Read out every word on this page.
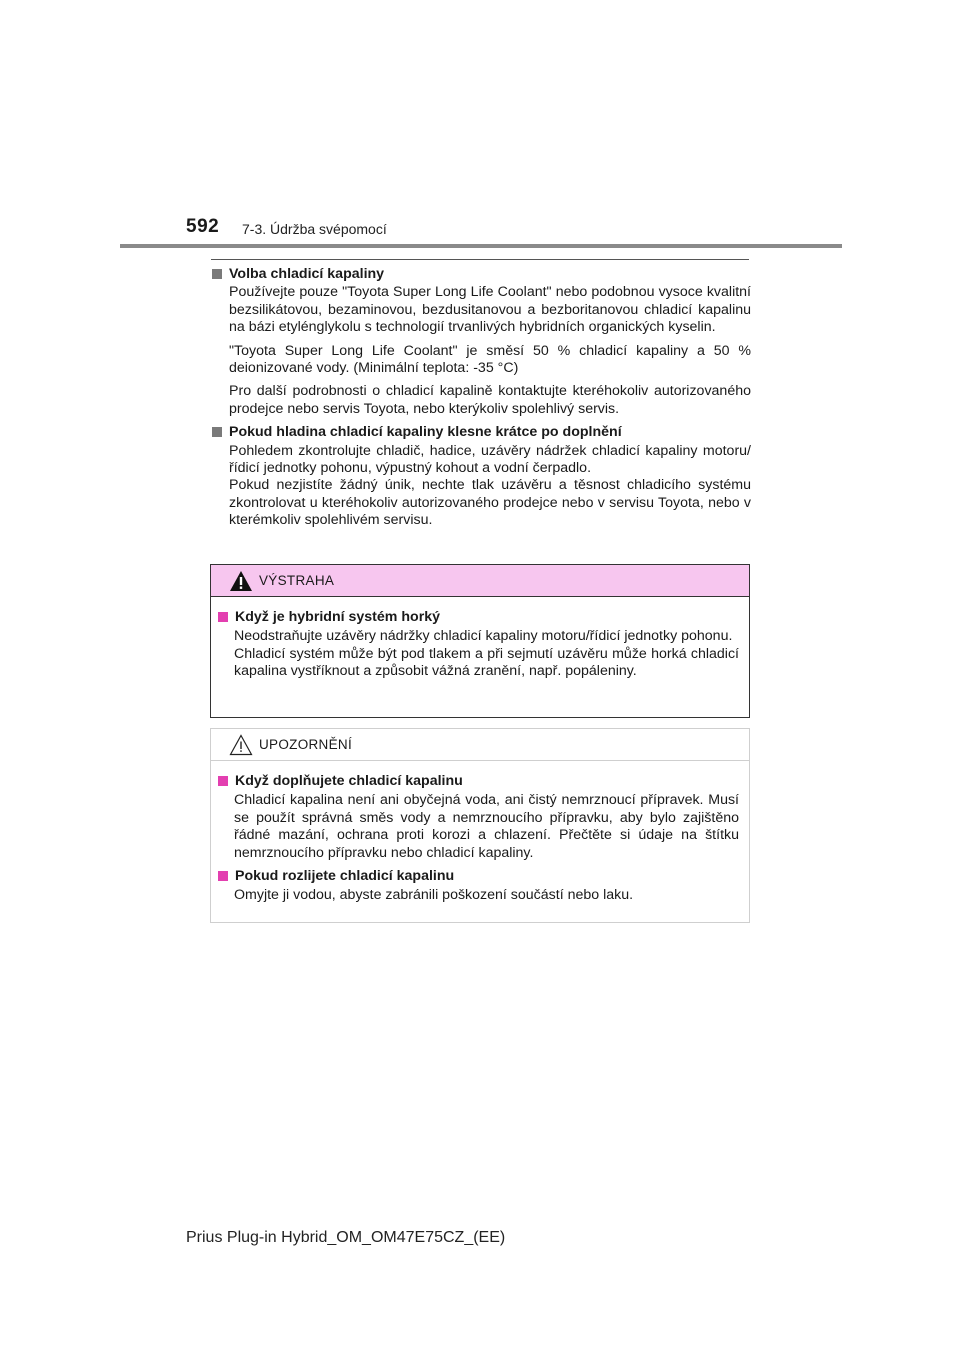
592 7-3. Údržba svépomocí
Volba chladicí kapaliny

Používejte pouze "Toyota Super Long Life Coolant" nebo podobnou vysoce kvalitní bezsilikátovou, bezaminovou, bezdusitanovou a bezboritanovou chladicí kapalinu na bázi etylénglykolu s technologií trvanlivých hybridních organických kyselin.

"Toyota Super Long Life Coolant" je směsí 50 % chladicí kapaliny a 50 % deionizované vody. (Minimální teplota: -35 °C)

Pro další podrobnosti o chladicí kapalině kontaktujte kteréhokoliv autorizovaného prodejce nebo servis Toyota, nebo kterýkoliv spolehlivý servis.

Pokud hladina chladicí kapaliny klesne krátce po doplnění

Pohledem zkontrolujte chladič, hadice, uzávěry nádržek chladicí kapaliny motoru/řídicí jednotky pohonu, výpustný kohout a vodní čerpadlo.

Pokud nezjistíte žádný únik, nechte tlak uzávěru a těsnost chladicího systému zkontrolovat u kteréhokoliv autorizovaného prodejce nebo v servisu Toyota, nebo v kterémkoliv spolehlivém servisu.

VÝSTRAHA
Když je hybridní systém horký

Neodstraňujte uzávěry nádržky chladicí kapaliny motoru/řídicí jednotky pohonu.

Chladicí systém může být pod tlakem a při sejmutí uzávěru může horká chladicí kapalina vystříknout a způsobit vážná zranění, např. popáleniny.

UPOZORNĚNÍ
Když doplňujete chladicí kapalinu

Chladicí kapalina není ani obyčejná voda, ani čistý nemrznoucí přípravek. Musí se použít správná směs vody a nemrznoucího přípravku, aby bylo zajištěno řádné mazání, ochrana proti korozi a chlazení. Přečtěte si údaje na štítku nemrznoucího přípravku nebo chladicí kapaliny.

Pokud rozlijete chladicí kapalinu

Omyjte ji vodou, abyste zabránili poškození součástí nebo laku.

Prius Plug-in Hybrid_OM_OM47E75CZ_(EE)
